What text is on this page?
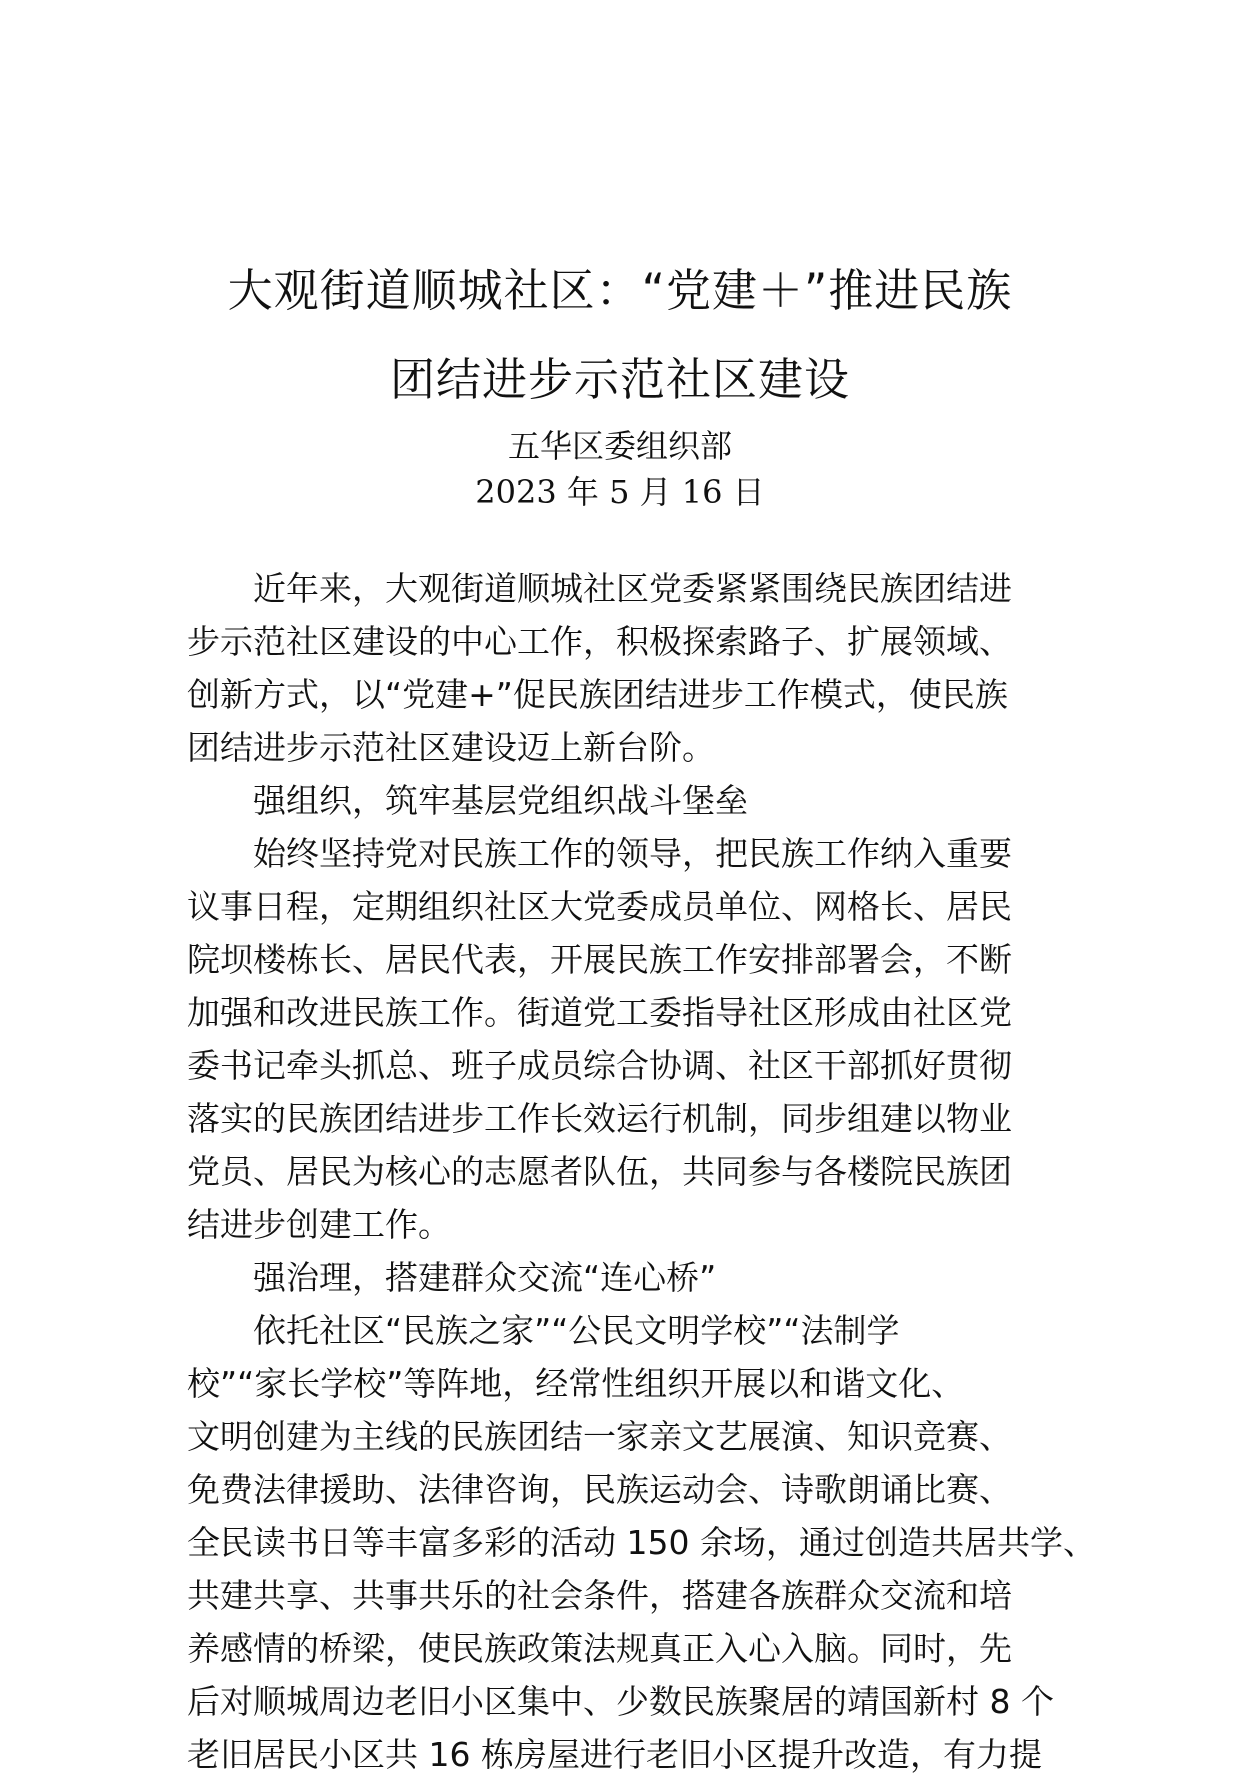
大观街道顺城社区：“党建＋”推进民族
团结进步示范社区建设
五华区委组织部
2023 年 5 月 16 日
近年来，大观街道顺城社区党委紧紧围绕民族团结进
步示范社区建设的中心工作，积极探索路子、扩展领域、
创新方式，以“党建+”促民族团结进步工作模式，使民族
团结进步示范社区建设迈上新台阶。
强组织，筑牢基层党组织战斗堡垒
始终坚持党对民族工作的领导，把民族工作纳入重要
议事日程，定期组织社区大党委成员单位、网格长、居民
院坝楼栋长、居民代表，开展民族工作安排部署会，不断
加强和改进民族工作。街道党工委指导社区形成由社区党
委书记牵头抓总、班子成员综合协调、社区干部抓好贯彻
落实的民族团结进步工作长效运行机制，同步组建以物业
党员、居民为核心的志愿者队伍，共同参与各楼院民族团
结进步创建工作。
强治理，搭建群众交流“连心桥”
依托社区“民族之家”“公民文明学校”“法制学
校”“家长学校”等阵地，经常性组织开展以和谐文化、
文明创建为主线的民族团结一家亲文艺展演、知识竞赛、
免费法律援助、法律咨询，民族运动会、诗歌朗诵比赛、
全民读书日等丰富多彩的活动 150 余场，通过创造共居共学、
共建共享、共事共乐的社会条件，搭建各族群众交流和培
养感情的桥梁，使民族政策法规真正入心入脑。同时，先
后对顺城周边老旧小区集中、少数民族聚居的靖国新村 8 个
老旧居民小区共 16 栋房屋进行老旧小区提升改造，有力提
